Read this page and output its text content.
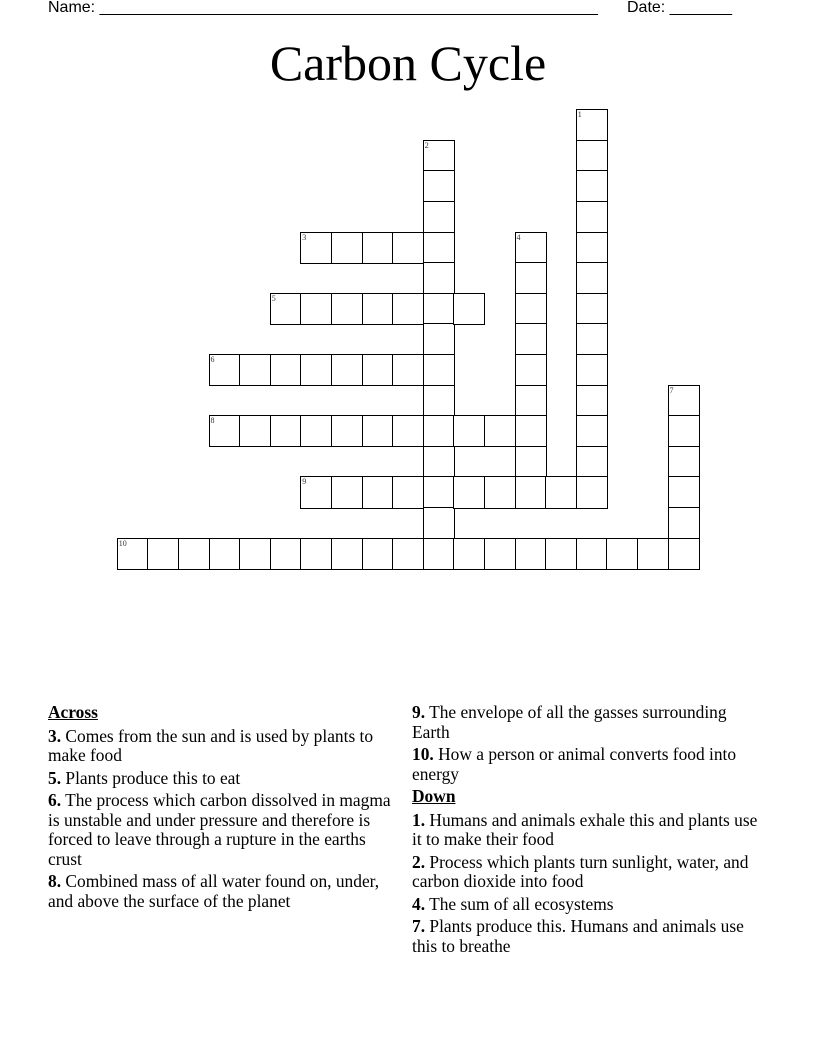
Name: ________________________________________________________ Date: _______
Carbon Cycle
1
2
3	4
5
6
7
8
9
10
Across
3. Comes from the sun and is used by plants to make food
5. Plants produce this to eat
6. The process which carbon dissolved in magma is unstable and under pressure and therefore is forced to leave through a rupture in the earths crust
8. Combined mass of all water found on, under, and above the surface of the planet
9. The envelope of all the gasses surrounding Earth
10. How a person or animal converts food into energy
Down
1. Humans and animals exhale this and plants use it to make their food
2. Process which plants turn sunlight, water, and carbon dioxide into food
4. The sum of all ecosystems
7. Plants produce this. Humans and animals use this to breathe
